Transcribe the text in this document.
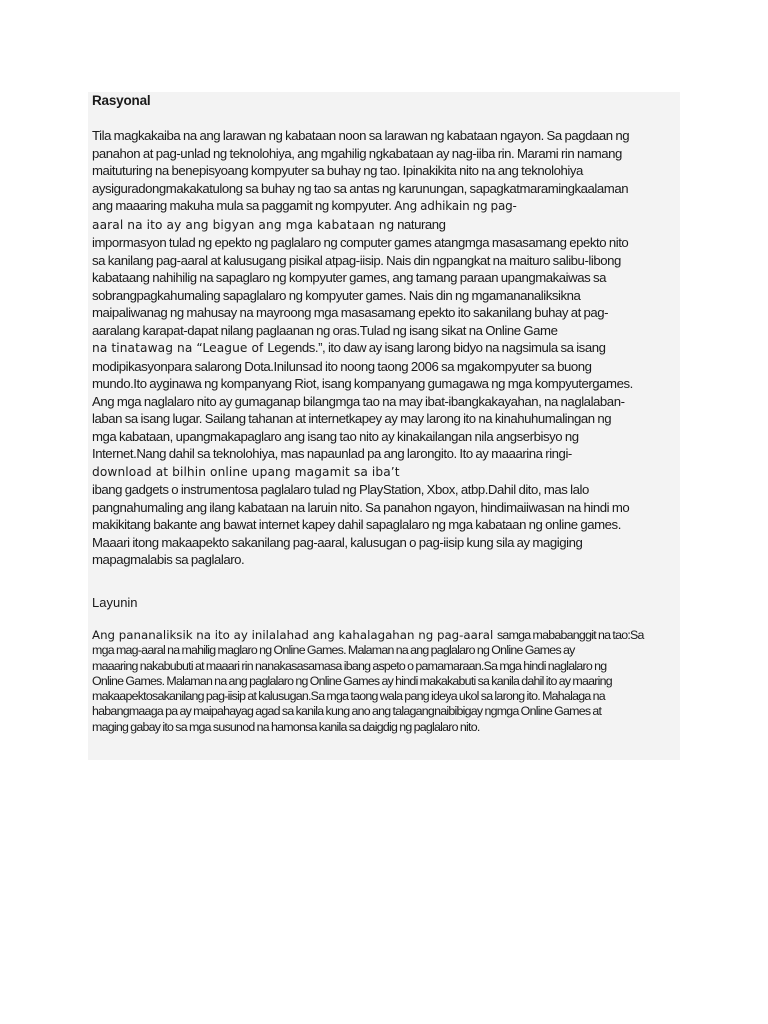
Rasyonal
Tila magkakaiba na ang larawan ng kabataan noon sa larawan ng kabataan ngayon. Sa pagdaan ng
panahon at pag-unlad ng teknolohiya, ang mgahilig ngkabataan ay nag-iiba rin. Marami rin namang
maituturing na benepisyoang kompyuter sa buhay ng tao. Ipinakikita nito na ang teknolohiya
aysiguradongmakakatulong sa buhay ng tao sa antas ng karunungan, sapagkatmaramingkaalaman
ang maaaring makuha mula sa paggamit ng kompyuter. Ang adhikain ng pag-
aaral na ito ay ang bigyan ang mga kabataan ng naturang
impormasyon tulad ng epekto ng paglalaro ng computer games atangmga masasamang epekto nito
sa kanilang pag-aaral at kalusugang pisikal atpag-iisip. Nais din ngpangkat na maituro salibu-libong
kabataang nahihilig na sapaglaro ng kompyuter games, ang tamang paraan upangmakaiwas sa
sobrangpagkahumaling sapaglalaro ng kompyuter games. Nais din ng mgamananaliksikna
maipaliwanag ng mahusay na mayroong mga masasamang epekto ito sakanilang buhay at pag-
aaralang karapat-dapat nilang paglaanan ng oras.Tulad ng isang sikat na Online Game
na tinatawag na “League of Legends.”, ito daw ay isang larong bidyo na nagsimula sa isang
modipikasyonpara salarong Dota.Inilunsad ito noong taong 2006 sa mgakompyuter sa buong
mundo.Ito ayginawa ng kompanyang Riot, isang kompanyang gumagawa ng mga kompyutergames.
Ang mga naglalaro nito ay gumaganap bilangmga tao na may ibat-ibangkakayahan, na naglalaban-
laban sa isang lugar. Sailang tahanan at internetkapey ay may larong ito na kinahuhumalingan ng
mga kabataan, upangmakapaglaro ang isang tao nito ay kinakailangan nila angserbisyo ng
Internet.Nang dahil sa teknolohiya, mas napaunlad pa ang larongito. Ito ay maaarina ringi-
download at bilhin online upang magamit sa iba’t
ibang gadgets o instrumentosa paglalaro tulad ng PlayStation, Xbox, atbp.Dahil dito, mas lalo
pangnahumaling ang ilang kabataan na laruin nito. Sa panahon ngayon, hindimaiiwasan na hindi mo
makikitang bakante ang bawat internet kapey dahil sapaglalaro ng mga kabataan ng online games.
Maaari itong makaapekto sakanilang pag-aaral, kalusugan o pag-iisip kung sila ay magiging
mapagmalabis sa paglalaro.
Layunin
Ang pananaliksik na ito ay inilalahad ang kahalagahan ng pag-aaral samga mababanggit na tao:Sa
mga mag-aaral na mahilig maglaro ng Online Games. Malaman na ang paglalaro ng Online Games ay
maaaring nakabubuti at maaari rin nanakasasamasa ibang aspeto o pamamaraan.Sa mga hindi naglalaro ng
Online Games. Malaman na ang paglalaro ng Online Games ay hindi makakabuti sa kanila dahil ito ay maaring
makaapektosakanilang pag-iisip at kalusugan.Sa mga taong wala pang ideya ukol sa larong ito. Mahalaga na
habangmaaga pa ay maipahayag agad sa kanila kung ano ang talagangnaibibigay ngmga Online Games at
maging gabay ito sa mga susunod na hamonsa kanila sa daigdig ng paglalaro nito.
